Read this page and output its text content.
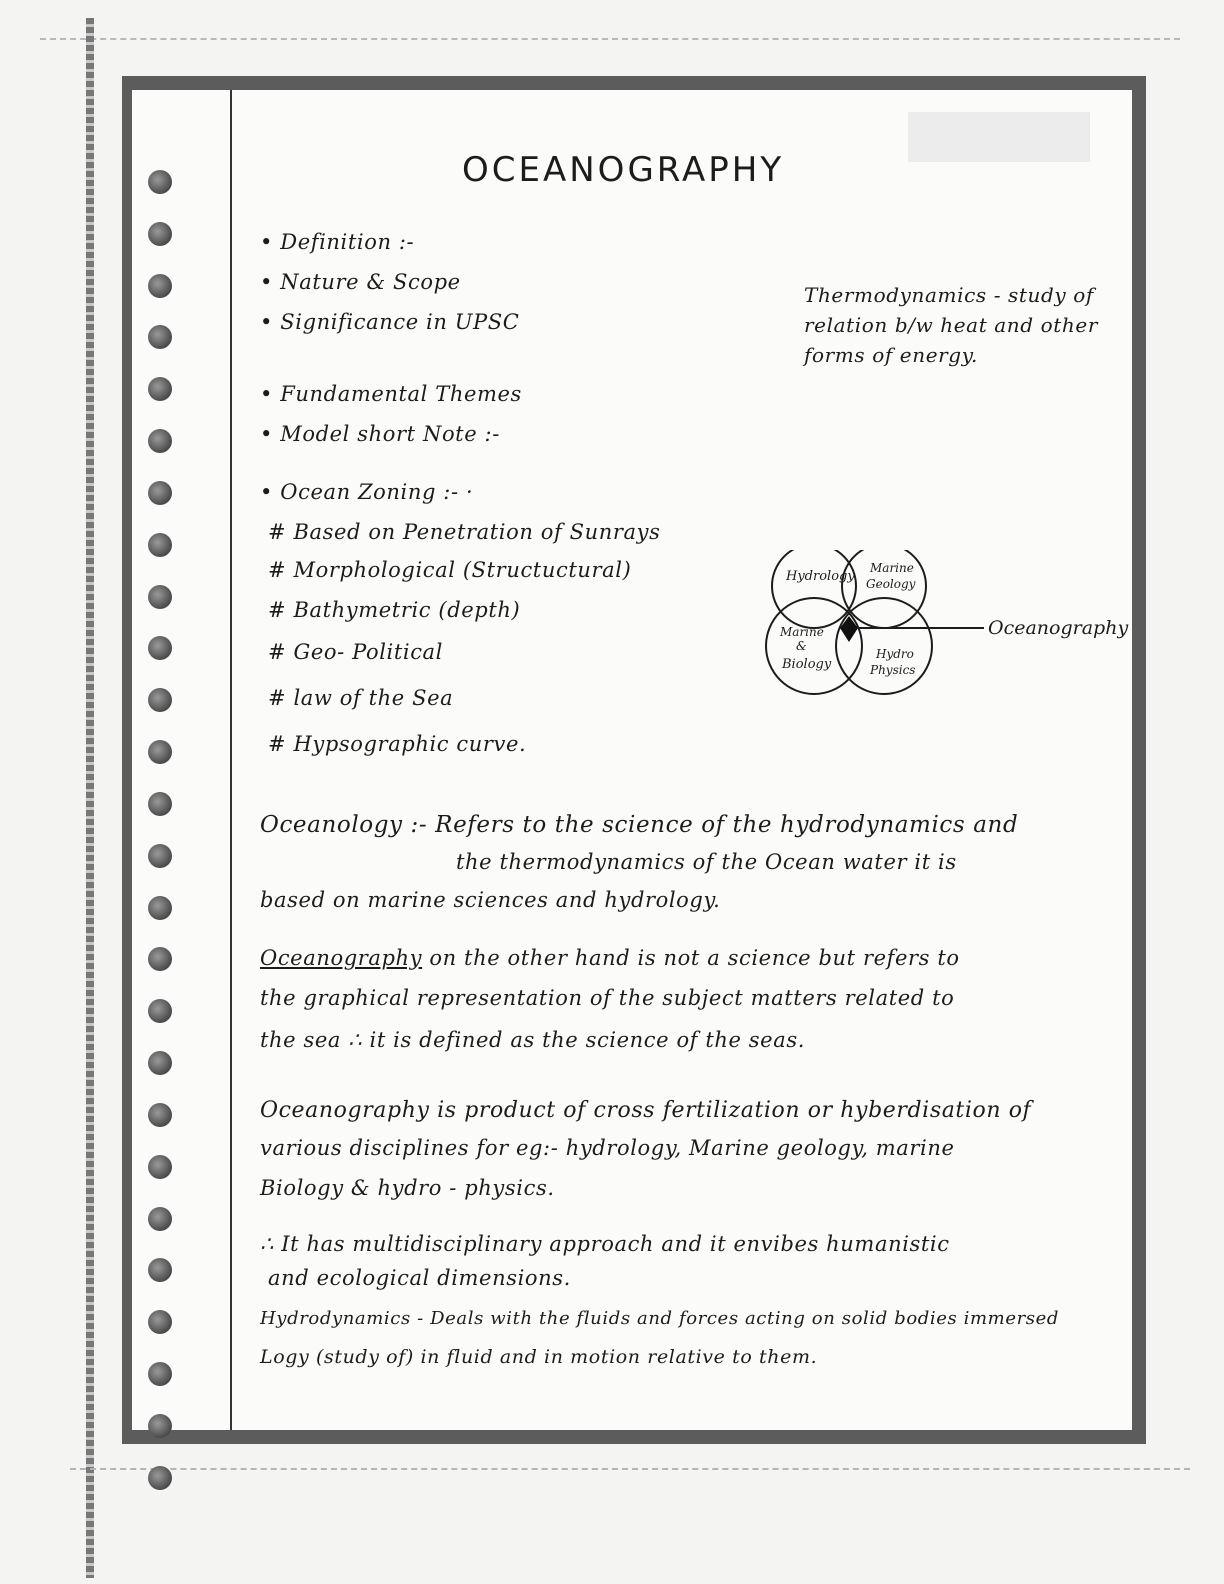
OCEANOGRAPHY
• Definition :-
• Nature & Scope
• Significance in UPSC
• Fundamental Themes
• Model short Note :-
• Ocean Zoning :- ·
# Based on Penetration of Sunrays
# Morphological (Structuctural)
# Bathymetric (depth)
# Geo- Political
# law of the Sea
# Hypsographic curve.
Thermodynamics - study of relation b/w heat and other forms of energy.
Hydrology
Marine
Geology
Marine
&
Biology
Hydro
Physics
Oceanography
Oceanology :- Refers to the science of the hydrodynamics and
the thermodynamics of the Ocean water it is
based on marine sciences and hydrology.
Oceanography on the other hand is not a science but refers to
the graphical representation of the subject matters related to
the sea ∴ it is defined as the science of the seas.
Oceanography is product of cross fertilization or hyberdisation of
various disciplines for eg:- hydrology, Marine geology, marine
Biology & hydro - physics.
∴ It has multidisciplinary approach and it envibes humanistic
and ecological dimensions.
Hydrodynamics - Deals with the fluids and forces acting on solid bodies immersed
Logy (study of) in fluid and in motion relative to them.
